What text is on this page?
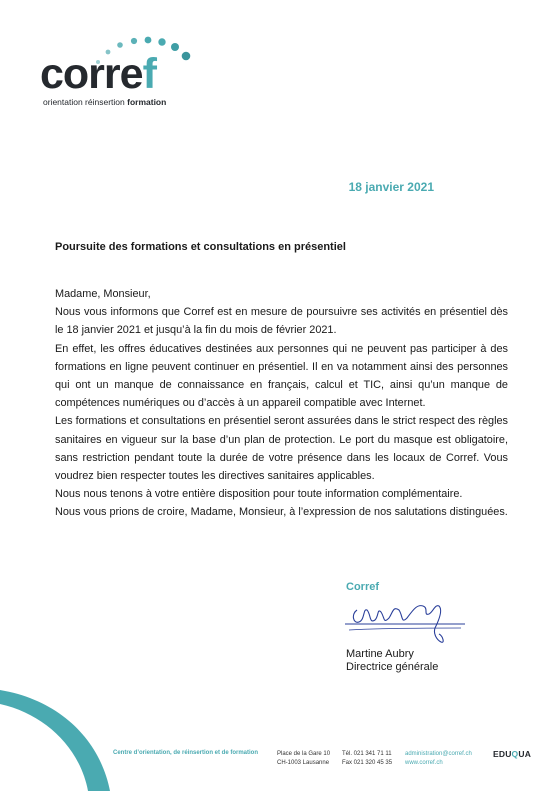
corref
orientation réinsertion formation
18 janvier 2021
Poursuite des formations et consultations en présentiel

Madame, Monsieur,

Nous vous informons que Corref est en mesure de poursuivre ses activités en présentiel dès le 18 janvier 2021 et jusqu’à la fin du mois de février 2021.

En effet, les offres éducatives destinées aux personnes qui ne peuvent pas participer à des formations en ligne peuvent continuer en présentiel. Il en va notamment ainsi des personnes qui ont un manque de connaissance en français, calcul et TIC, ainsi qu’un manque de compétences numériques ou d’accès à un appareil compatible avec Internet.

Les formations et consultations en présentiel seront assurées dans le strict respect des règles sanitaires en vigueur sur la base d’un plan de protection. Le port du masque est obligatoire, sans restriction pendant toute la durée de votre présence dans les locaux de Corref. Vous voudrez bien respecter toutes les directives sanitaires applicables.

Nous nous tenons à votre entière disposition pour toute information complémentaire.

Nous vous prions de croire, Madame, Monsieur, à l’expression de nos salutations distinguées.

Corref
Martine Aubry
Directrice générale
Centre d’orientation, de réinsertion et de formation	Place de la Gare 10
CH-1003 Lausanne
Tél. 021 341 71 11
Fax 021 320 45 35
administration@corref.ch
www.corref.ch
EDUQUA
